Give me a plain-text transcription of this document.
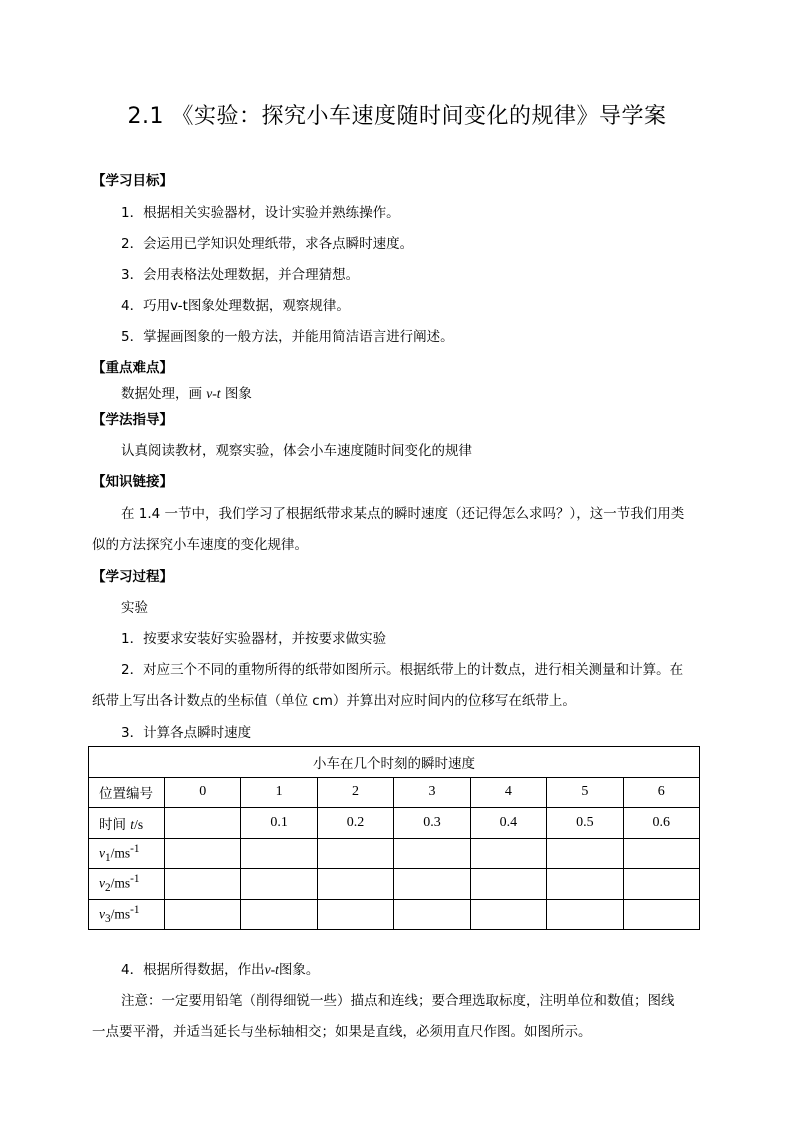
2.1 《实验：探究小车速度随时间变化的规律》导学案
【学习目标】
1．根据相关实验器材，设计实验并熟练操作。
2．会运用已学知识处理纸带，求各点瞬时速度。
3．会用表格法处理数据，并合理猜想。
4．巧用v-t图象处理数据，观察规律。
5．掌握画图象的一般方法，并能用简洁语言进行阐述。
【重点难点】
数据处理，画 v-t 图象
【学法指导】
认真阅读教材，观察实验，体会小车速度随时间变化的规律
【知识链接】
在 1.4 一节中，我们学习了根据纸带求某点的瞬时速度（还记得怎么求吗？），这一节我们用类
似的方法探究小车速度的变化规律。
【学习过程】
实验
1．按要求安装好实验器材，并按要求做实验
2．对应三个不同的重物所得的纸带如图所示。根据纸带上的计数点，进行相关测量和计算。在
纸带上写出各计数点的坐标值（单位 cm）并算出对应时间内的位移写在纸带上。
3．计算各点瞬时速度
小车在几个时刻的瞬时速度							
位置编号	0	1	2	3	4	5	6
时间 t/s		0.1	0.2	0.3	0.4	0.5	0.6
$v_1/ms^{-1}$							
$v_2/ms^{-1}$							
$v_3/ms^{-1}$							
4．根据所得数据，作出v-t图象。
注意：一定要用铅笔（削得细锐一些）描点和连线；要合理选取标度，注明单位和数值；图线
一点要平滑，并适当延长与坐标轴相交；如果是直线，必须用直尺作图。如图所示。
